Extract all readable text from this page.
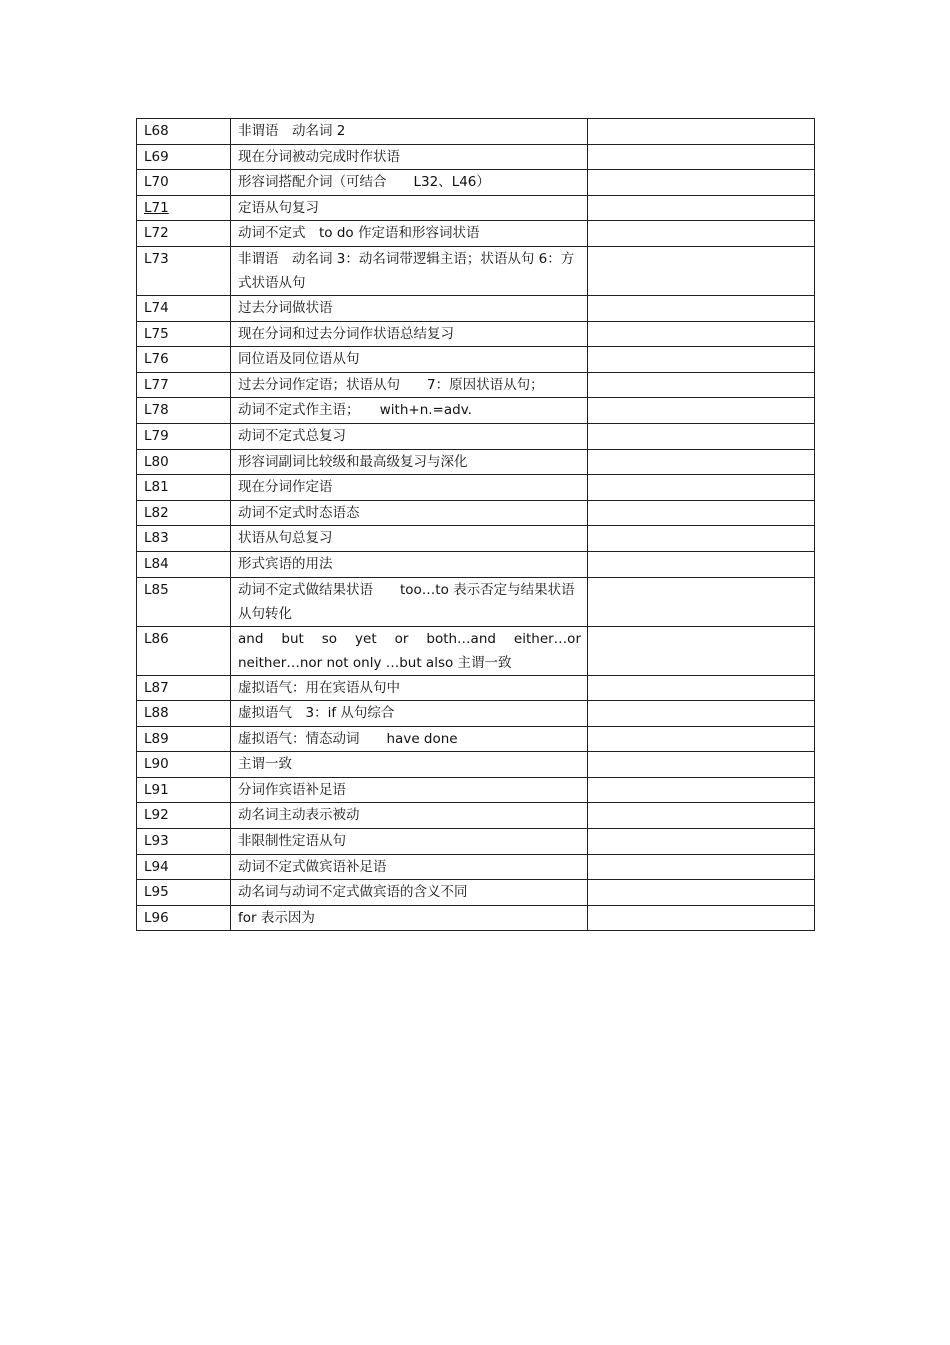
L68	非谓语　动名词 2	
L69	现在分词被动完成时作状语	
L70	形容词搭配介词（可结合　　L32、L46）	
L71	定语从句复习	
L72	动词不定式　to do 作定语和形容词状语	
L73	非谓语　动名词 3：动名词带逻辑主语；状语从句 6：方式状语从句	
L74	过去分词做状语	
L75	现在分词和过去分词作状语总结复习	
L76	同位语及同位语从句	
L77	过去分词作定语；状语从句　　7：原因状语从句；	
L78	动词不定式作主语；　　with+n.=adv.	
L79	动词不定式总复习	
L80	形容词副词比较级和最高级复习与深化	
L81	现在分词作定语	
L82	动词不定式时态语态	
L83	状语从句总复习	
L84	形式宾语的用法	
L85	动词不定式做结果状语　　too…to 表示否定与结果状语从句转化	
L86	and but so yet or both…and either…or
neither…nor not only …but also 主谓一致	

L87	虚拟语气：用在宾语从句中	
L88	虚拟语气　3：if 从句综合	
L89	虚拟语气：情态动词　　have done	
L90	主谓一致	
L91	分词作宾语补足语	
L92	动名词主动表示被动	
L93	非限制性定语从句	
L94	动词不定式做宾语补足语	
L95	动名词与动词不定式做宾语的含义不同	
L96	for 表示因为	
